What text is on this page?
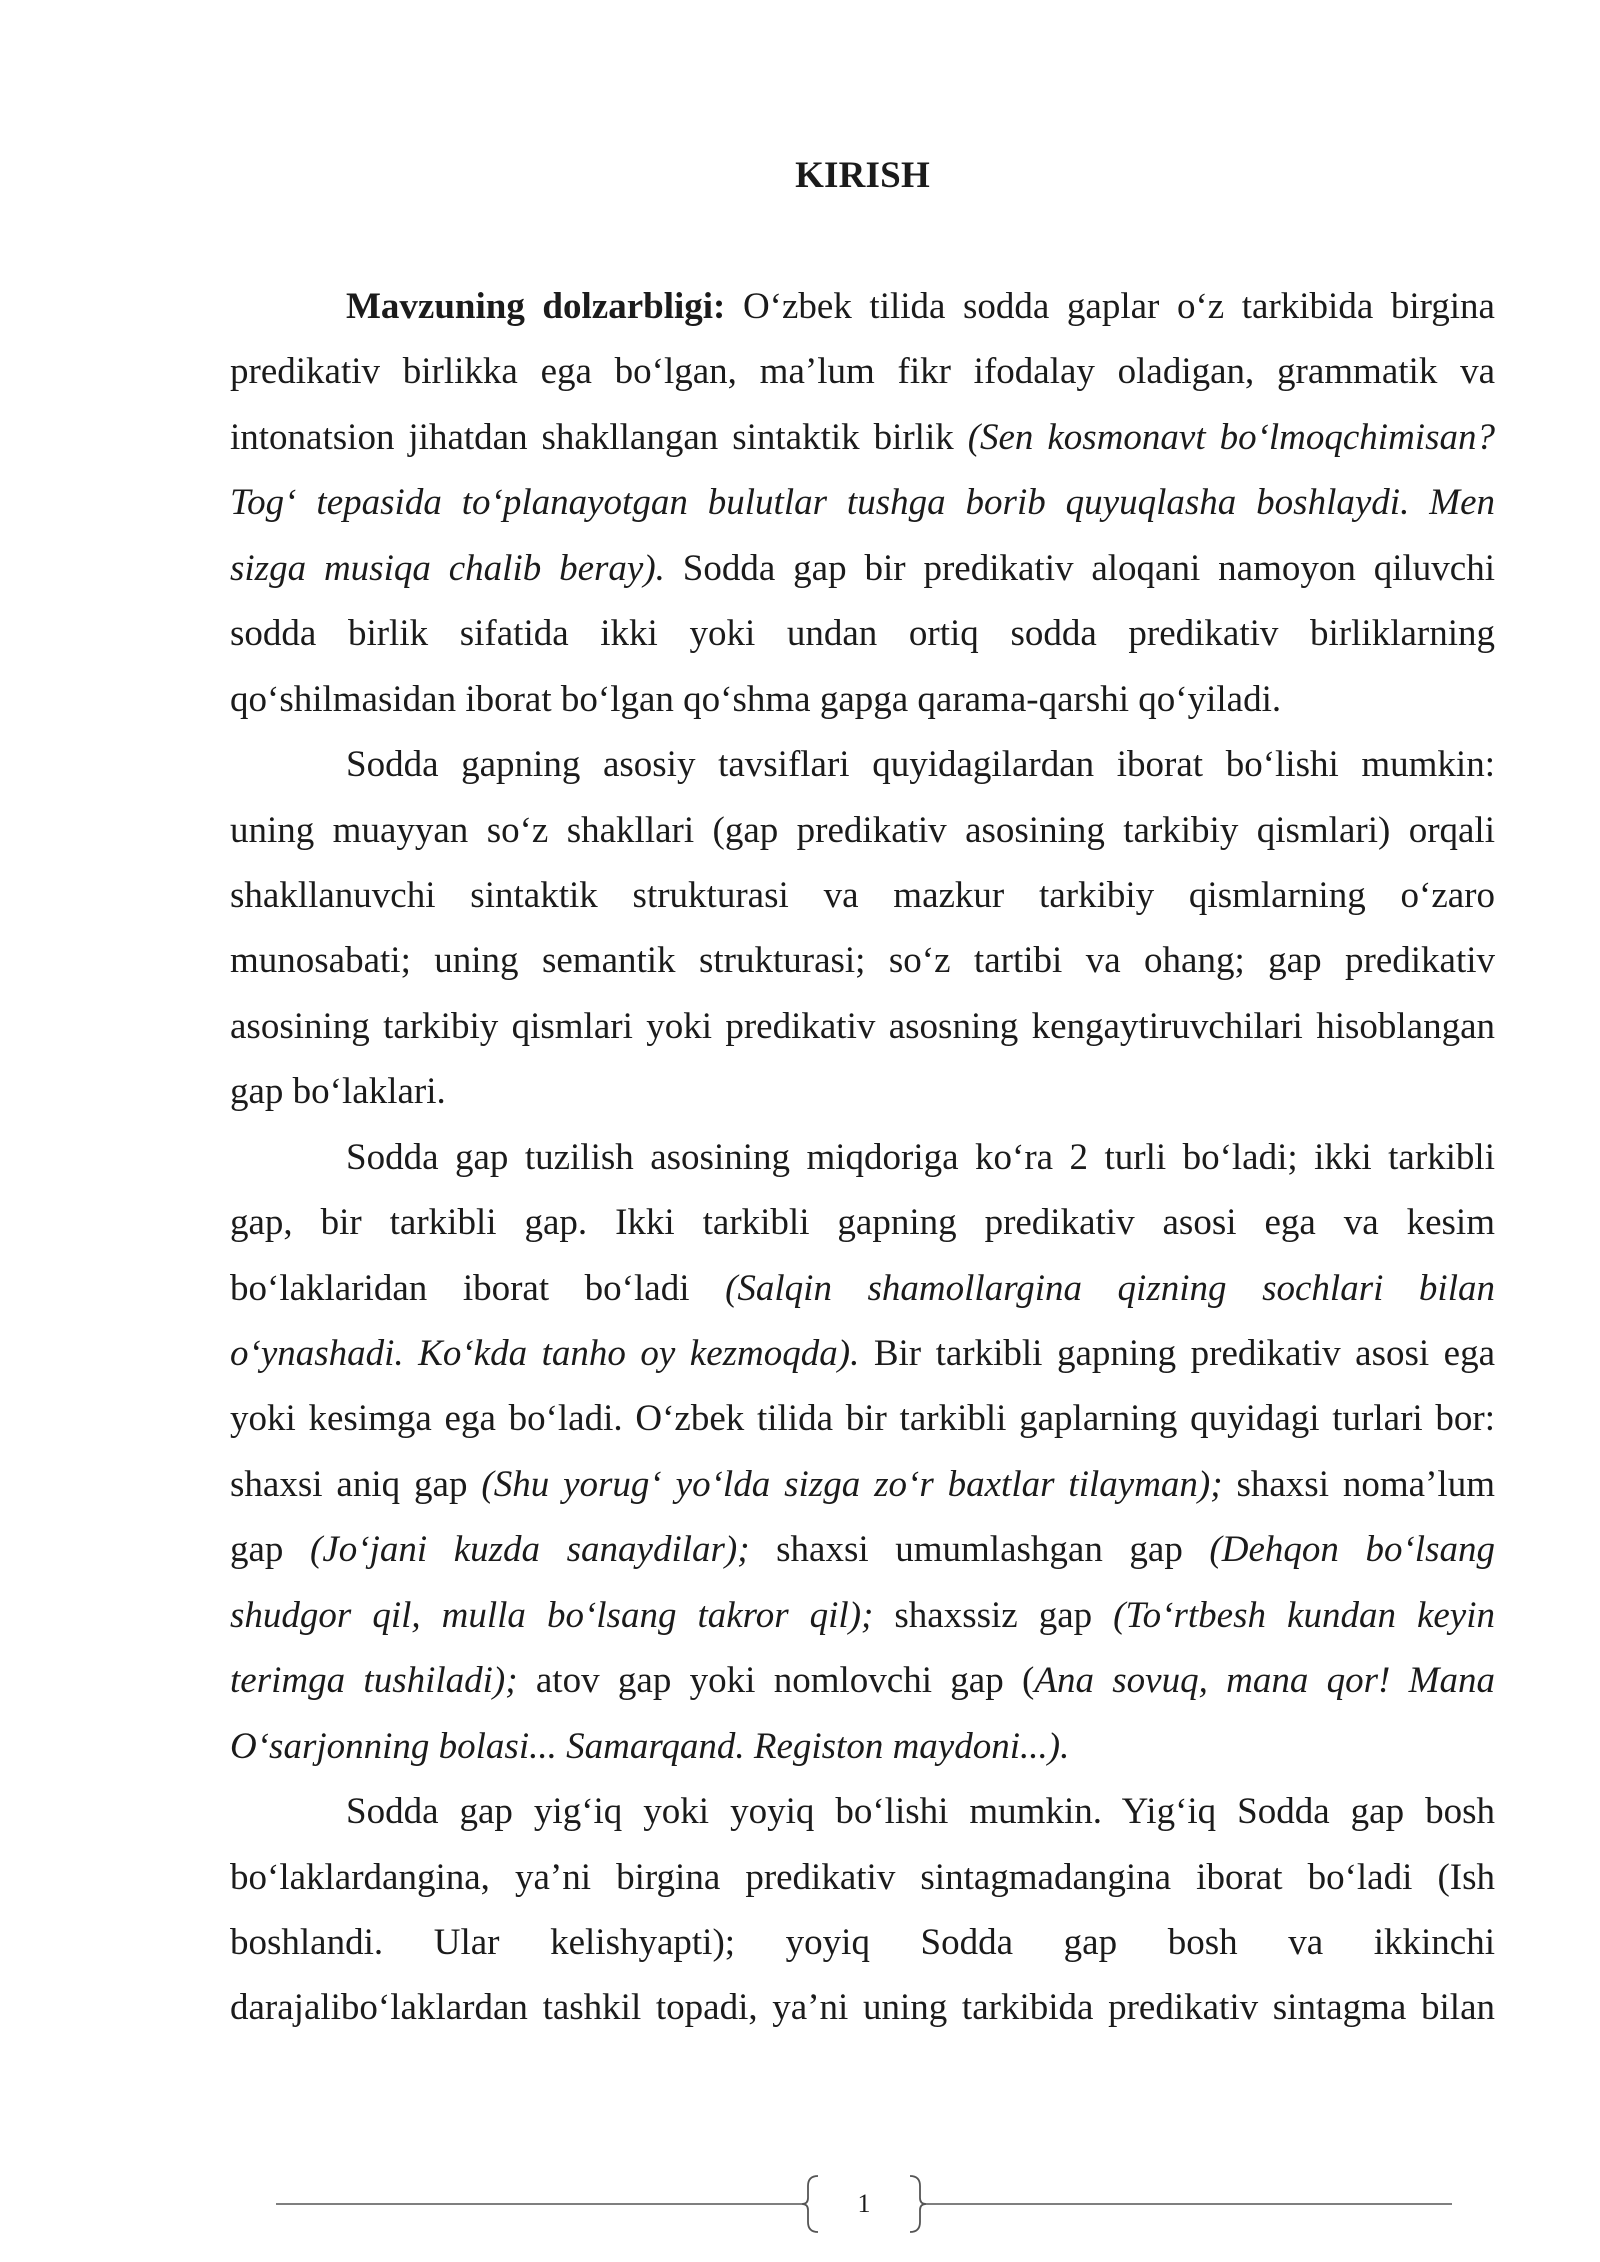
KIRISH
Mavzuning dolzarbligi: O‘zbek tilida sodda gaplar o‘z tarkibida birgina
predikativ birlikka ega bo‘lgan, ma’lum fikr ifodalay oladigan, grammatik va
intonatsion jihatdan shakllangan sintaktik birlik (Sen kosmonavt bo‘lmoqchimisan?
Tog‘ tepasida to‘planayotgan bulutlar tushga borib quyuqlasha boshlaydi. Men
sizga musiqa chalib beray). Sodda gap bir predikativ aloqani namoyon qiluvchi
sodda birlik sifatida ikki yoki undan ortiq sodda predikativ birliklarning
qo‘shilmasidan iborat bo‘lgan qo‘shma gapga qarama-qarshi qo‘yiladi.
Sodda gapning asosiy tavsiflari quyidagilardan iborat bo‘lishi mumkin:
uning muayyan so‘z shakllari (gap predikativ asosining tarkibiy qismlari) orqali
shakllanuvchi sintaktik strukturasi va mazkur tarkibiy qismlarning o‘zaro
munosabati; uning semantik strukturasi; so‘z tartibi va ohang; gap predikativ
asosining tarkibiy qismlari yoki predikativ asosning kengaytiruvchilari hisoblangan
gap bo‘laklari.
Sodda gap tuzilish asosining miqdoriga ko‘ra 2 turli bo‘ladi; ikki tarkibli
gap, bir tarkibli gap. Ikki tarkibli gapning predikativ asosi ega va kesim
bo‘laklaridan iborat bo‘ladi (Salqin shamollargina qizning sochlari bilan
o‘ynashadi. Ko‘kda tanho oy kezmoqda). Bir tarkibli gapning predikativ asosi ega
yoki kesimga ega bo‘ladi. O‘zbek tilida bir tarkibli gaplarning quyidagi turlari bor:
shaxsi aniq gap (Shu yorug‘ yo‘lda sizga zo‘r baxtlar tilayman); shaxsi noma’lum
gap (Jo‘jani kuzda sanaydilar); shaxsi umumlashgan gap (Dehqon bo‘lsang
shudgor qil, mulla bo‘lsang takror qil); shaxssiz gap (To‘rtbesh kundan keyin
terimga tushiladi); atov gap yoki nomlovchi gap (Ana sovuq, mana qor! Mana
O‘sarjonning bolasi... Samarqand. Registon maydoni...).
Sodda gap yig‘iq yoki yoyiq bo‘lishi mumkin. Yig‘iq Sodda gap bosh
bo‘laklardangina, ya’ni birgina predikativ sintagmadangina iborat bo‘ladi (Ish
boshlandi. Ular kelishyapti); yoyiq Sodda gap bosh va ikkinchi
darajalibo‘laklardan tashkil topadi, ya’ni uning tarkibida predikativ sintagma bilan
1
